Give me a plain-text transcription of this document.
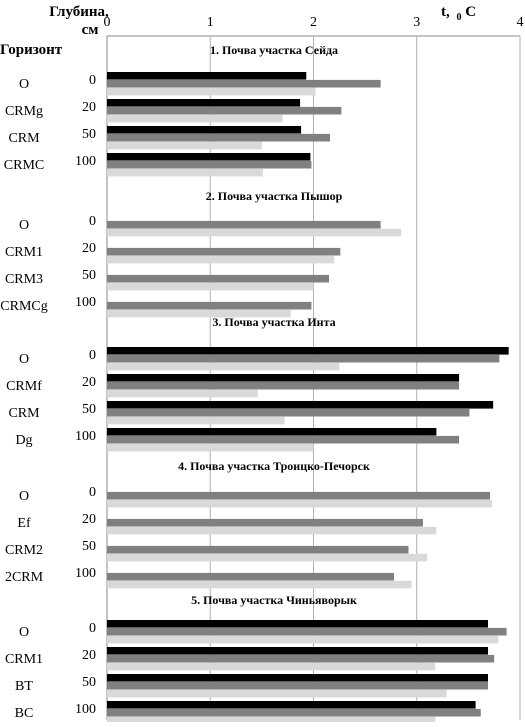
0	1	2	3	4
1. Почва участка Сейда
O	0
CRMg	20
CRM	50
CRMC 100
2. Почва участка Пышор
O	0
CRM1	20
CRM3	50
CRMCg 100
3. Почва участка Инта
O	0
CRMf	20
CRM	50
Dg	100
4. Почва участка Троицко-Печорск
O	0
Ef	20
CRM2	50
2CRM 100
5. Почва участка Чиньяворык
O	0
CRM1	20
BT	50
BC	100
Глубина,
см
Горизонт
t, $_0$ C
